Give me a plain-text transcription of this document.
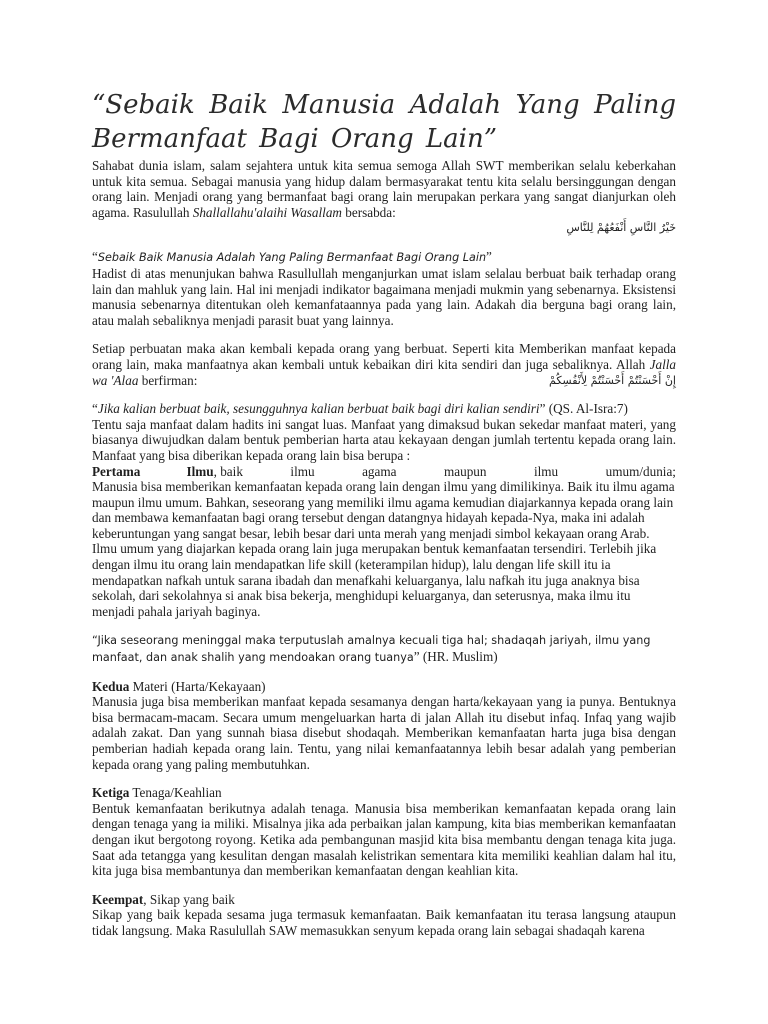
“Sebaik Baik Manusia Adalah Yang Paling Bermanfaat Bagi Orang Lain”

Sahabat dunia islam, salam sejahtera untuk kita semua semoga Allah SWT memberikan selalu keberkahan untuk kita semua. Sebagai manusia yang hidup dalam bermasyarakat tentu kita selalu bersinggungan dengan orang lain. Menjadi orang yang bermanfaat bagi orang lain merupakan perkara yang sangat dianjurkan oleh agama. Rasulullah Shallallahu'alaihi Wasallam bersabda:

خَيْرُ النَّاسِ أَنْفَعُهُمْ لِلنَّاسِ

“Sebaik Baik Manusia Adalah Yang Paling Bermanfaat Bagi Orang Lain”

Hadist di atas menunjukan bahwa Rasullullah menganjurkan umat islam selalau berbuat baik terhadap orang lain dan mahluk yang lain. Hal ini menjadi indikator bagaimana menjadi mukmin yang sebenarnya. Eksistensi manusia sebenarnya ditentukan oleh kemanfataannya pada yang lain. Adakah dia berguna bagi orang lain, atau malah sebaliknya menjadi parasit buat yang lainnya.

Setiap perbuatan maka akan kembali kepada orang yang berbuat. Seperti kita Memberikan manfaat kepada orang lain, maka manfaatnya akan kembali untuk kebaikan diri kita sendiri dan juga sebaliknya. Allah Jalla wa 'Alaa berfirman:	إِنْ أَحْسَنْتُمْ أَحْسَنْتُمْ لِأَنْفُسِكُمْ

“Jika kalian berbuat baik, sesungguhnya kalian berbuat baik bagi diri kalian sendiri” (QS. Al-Isra:7)

Tentu saja manfaat dalam hadits ini sangat luas. Manfaat yang dimaksud bukan sekedar manfaat materi, yang biasanya diwujudkan dalam bentuk pemberian harta atau kekayaan dengan jumlah tertentu kepada orang lain. Manfaat yang bisa diberikan kepada orang lain bisa berupa :

Pertama	Ilmu, baik	ilmu	agama	maupun	ilmu	umum/dunia;

Manusia bisa memberikan kemanfaatan kepada orang lain dengan ilmu yang dimilikinya. Baik itu ilmu agama maupun ilmu umum. Bahkan, seseorang yang memiliki ilmu agama kemudian diajarkannya kepada orang lain dan membawa kemanfaatan bagi orang tersebut dengan datangnya hidayah kepada-Nya, maka ini adalah keberuntungan yang sangat besar, lebih besar dari unta merah yang menjadi simbol kekayaan orang Arab.

Ilmu umum yang diajarkan kepada orang lain juga merupakan bentuk kemanfaatan tersendiri. Terlebih jika dengan ilmu itu orang lain mendapatkan life skill (keterampilan hidup), lalu dengan life skill itu ia mendapatkan nafkah untuk sarana ibadah dan menafkahi keluarganya, lalu nafkah itu juga anaknya bisa sekolah, dari sekolahnya si anak bisa bekerja, menghidupi keluarganya, dan seterusnya, maka ilmu itu menjadi pahala jariyah baginya.

“Jika seseorang meninggal maka terputuslah amalnya kecuali tiga hal; shadaqah jariyah, ilmu yang manfaat, dan anak shalih yang mendoakan orang tuanya” (HR. Muslim)

Kedua Materi (Harta/Kekayaan)

Manusia juga bisa memberikan manfaat kepada sesamanya dengan harta/kekayaan yang ia punya. Bentuknya bisa bermacam-macam. Secara umum mengeluarkan harta di jalan Allah itu disebut infaq. Infaq yang wajib adalah zakat. Dan yang sunnah biasa disebut shodaqah. Memberikan kemanfaatan harta juga bisa dengan pemberian hadiah kepada orang lain. Tentu, yang nilai kemanfaatannya lebih besar adalah yang pemberian kepada orang yang paling membutuhkan.

Ketiga Tenaga/Keahlian

Bentuk kemanfaatan berikutnya adalah tenaga. Manusia bisa memberikan kemanfaatan kepada orang lain dengan tenaga yang ia miliki. Misalnya jika ada perbaikan jalan kampung, kita bias memberikan kemanfaatan dengan ikut bergotong royong. Ketika ada pembangunan masjid kita bisa membantu dengan tenaga kita juga. Saat ada tetangga yang kesulitan dengan masalah kelistrikan sementara kita memiliki keahlian dalam hal itu, kita juga bisa membantunya dan memberikan kemanfaatan dengan keahlian kita.

Keempat, Sikap yang baik

Sikap yang baik kepada sesama juga termasuk kemanfaatan. Baik kemanfaatan itu terasa langsung ataupun tidak langsung. Maka Rasulullah SAW memasukkan senyum kepada orang lain sebagai shadaqah karena
